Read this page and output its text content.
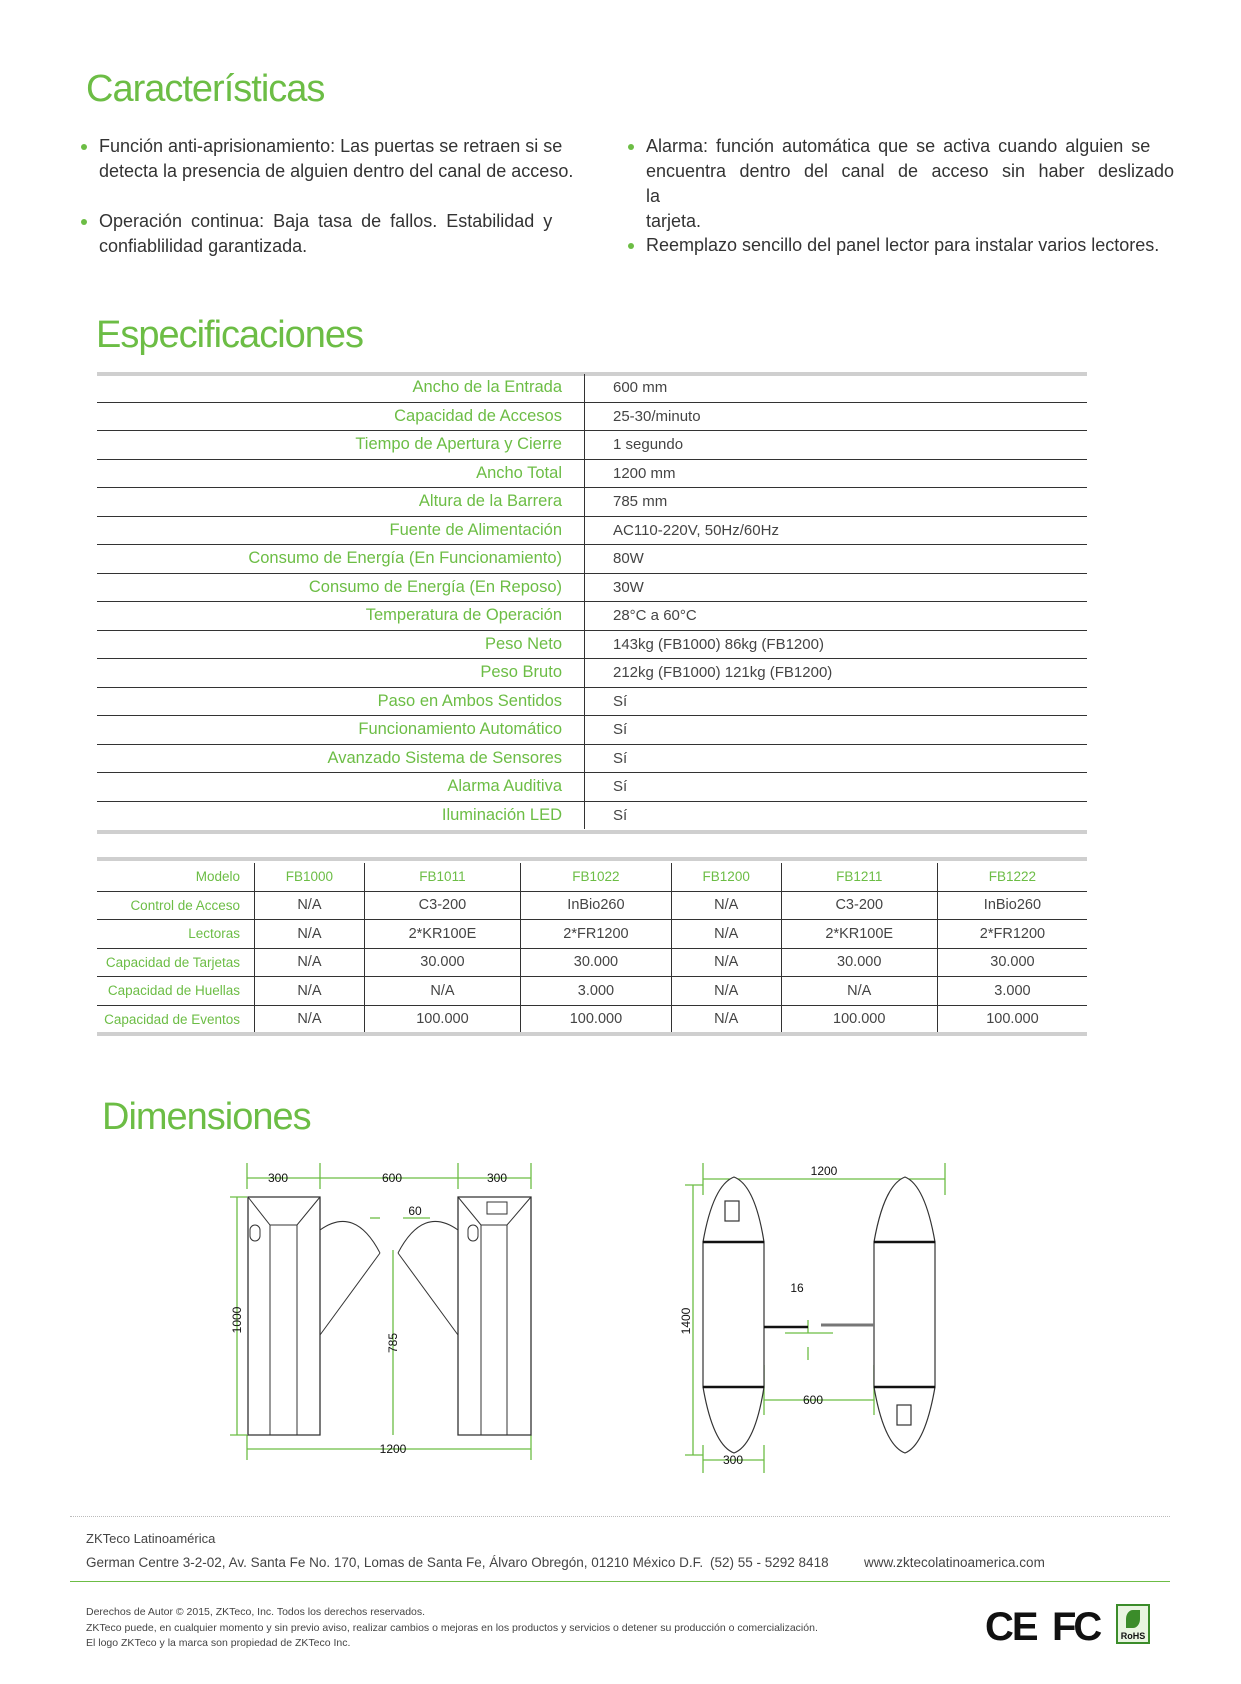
Características
Función anti-aprisionamiento: Las puertas se retraen si se
detecta la presencia de alguien dentro del canal de acceso.
Operación continua: Baja tasa de fallos. Estabilidad y
confiablilidad garantizada.
Alarma: función automática que se activa cuando alguien se
encuentra dentro del canal de acceso sin haber deslizado la
tarjeta.
Reemplazo sencillo del panel lector para instalar varios lectores.
Especificaciones
Ancho de la Entrada	600 mm
Capacidad de Accesos	25-30/minuto
Tiempo de Apertura y Cierre	1 segundo
Ancho Total	1200 mm
Altura de la Barrera	785 mm
Fuente de Alimentación	AC110-220V, 50Hz/60Hz
Consumo de Energía (En Funcionamiento)	80W
Consumo de Energía (En Reposo)	30W
Temperatura de Operación	28°C a 60°C
Peso Neto	143kg (FB1000) 86kg (FB1200)
Peso Bruto	212kg (FB1000) 121kg (FB1200)
Paso en Ambos Sentidos	Sí
Funcionamiento Automático	Sí
Avanzado Sistema de Sensores	Sí
Alarma Auditiva	Sí
Iluminación LED	Sí
Modelo	FB1000	FB1011	FB1022	FB1200	FB1211	FB1222
Control de Acceso	N/A	C3-200	InBio260	N/A	C3-200	InBio260
Lectoras	N/A	2*KR100E	2*FR1200	N/A	2*KR100E	2*FR1200
Capacidad de Tarjetas	N/A	30.000	30.000	N/A	30.000	30.000
Capacidad de Huellas	N/A	N/A	3.000	N/A	N/A	3.000
Capacidad de Eventos	N/A	100.000	100.000	N/A	100.000	100.000
Dimensiones
300	600	300
60
1200
1000
785
1200
16
600
300
1400
ZKTeco Latinoamérica
German Centre 3-2-02, Av. Santa Fe No. 170, Lomas de Santa Fe, Álvaro Obregón, 01210 México D.F. (52) 55 - 5292 8418	www.zktecolatinoamerica.com
Derechos de Autor © 2015, ZKTeco, Inc. Todos los derechos reservados.
ZKTeco puede, en cualquier momento y sin previo aviso, realizar cambios o mejoras en los productos y servicios o detener su producción o comercialización.
El logo ZKTeco y la marca son propiedad de ZKTeco Inc.	CE FC	RoHS
